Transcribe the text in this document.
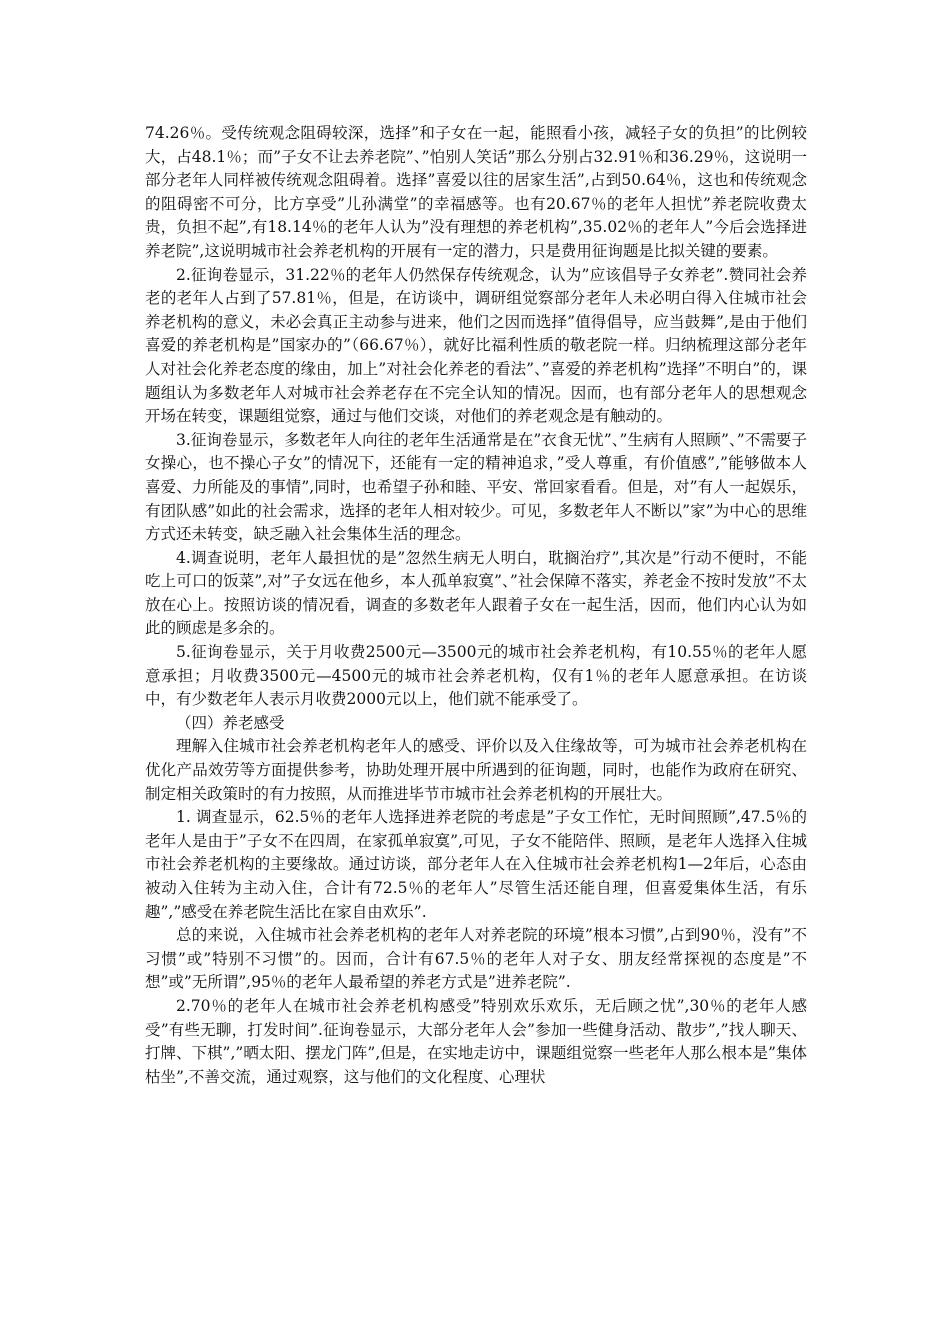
74.26％。受传统观念阻碍较深，选择”和子女在一起，能照看小孩，减轻子女的负担”的比例较大，占48.1％；而”子女不让去养老院”、”怕别人笑话”那么分别占32.91％和36.29％，这说明一部分老年人同样被传统观念阻碍着。选择”喜爱以往的居家生活”,占到50.64％，这也和传统观念的阻碍密不可分，比方享受”儿孙满堂”的幸福感等。也有20.67％的老年人担忧”养老院收费太贵，负担不起”,有18.14％的老年人认为”没有理想的养老机构”,35.02％的老年人”今后会选择进养老院”,这说明城市社会养老机构的开展有一定的潜力，只是费用征询题是比拟关键的要素。

2.征询卷显示，31.22％的老年人仍然保存传统观念，认为”应该倡导子女养老”.赞同社会养老的老年人占到了57.81％，但是，在访谈中，调研组觉察部分老年人未必明白得入住城市社会养老机构的意义，未必会真正主动参与进来，他们之因而选择”值得倡导，应当鼓舞”,是由于他们喜爱的养老机构是”国家办的”（66.67％），就好比福利性质的敬老院一样。归纳梳理这部分老年人对社会化养老态度的缘由，加上”对社会化养老的看法”、”喜爱的养老机构”选择”不明白”的，课题组认为多数老年人对城市社会养老存在不完全认知的情况。因而，也有部分老年人的思想观念开场在转变，课题组觉察，通过与他们交谈，对他们的养老观念是有触动的。

3.征询卷显示，多数老年人向往的老年生活通常是在”衣食无忧”、”生病有人照顾”、”不需要子女操心，也不操心子女”的情况下，还能有一定的精神追求，”受人尊重，有价值感”,”能够做本人喜爱、力所能及的事情”,同时，也希望子孙和睦、平安、常回家看看。但是，对”有人一起娱乐，有团队感”如此的社会需求，选择的老年人相对较少。可见，多数老年人不断以”家”为中心的思维方式还未转变，缺乏融入社会集体生活的理念。

4.调查说明，老年人最担忧的是”忽然生病无人明白，耽搁治疗”,其次是”行动不便时，不能吃上可口的饭菜”,对”子女远在他乡，本人孤单寂寞”、”社会保障不落实，养老金不按时发放”不太放在心上。按照访谈的情况看，调查的多数老年人跟着子女在一起生活，因而，他们内心认为如此的顾虑是多余的。

5.征询卷显示，关于月收费2500元—3500元的城市社会养老机构，有10.55％的老年人愿意承担；月收费3500元—4500元的城市社会养老机构，仅有1％的老年人愿意承担。在访谈中，有少数老年人表示月收费2000元以上，他们就不能承受了。

（四）养老感受

理解入住城市社会养老机构老年人的感受、评价以及入住缘故等，可为城市社会养老机构在优化产品效劳等方面提供参考，协助处理开展中所遇到的征询题，同时，也能作为政府在研究、制定相关政策时的有力按照，从而推进毕节市城市社会养老机构的开展壮大。

1. 调查显示，62.5％的老年人选择进养老院的考虑是”子女工作忙，无时间照顾”,47.5％的老年人是由于”子女不在四周，在家孤单寂寞”,可见，子女不能陪伴、照顾，是老年人选择入住城市社会养老机构的主要缘故。通过访谈，部分老年人在入住城市社会养老机构1—2年后，心态由被动入住转为主动入住，合计有72.5％的老年人”尽管生活还能自理，但喜爱集体生活，有乐趣”,”感受在养老院生活比在家自由欢乐”.

总的来说，入住城市社会养老机构的老年人对养老院的环境”根本习惯”,占到90％，没有”不习惯”或”特别不习惯”的。因而，合计有67.5％的老年人对子女、朋友经常探视的态度是”不想”或”无所谓”,95％的老年人最希望的养老方式是”进养老院”.

2.70％的老年人在城市社会养老机构感受”特别欢乐欢乐，无后顾之忧”,30％的老年人感受”有些无聊，打发时间”.征询卷显示，大部分老年人会”参加一些健身活动、散步”,”找人聊天、打牌、下棋”,”晒太阳、摆龙门阵”,但是，在实地走访中，课题组觉察一些老年人那么根本是”集体枯坐”,不善交流，通过观察，这与他们的文化程度、心理状
